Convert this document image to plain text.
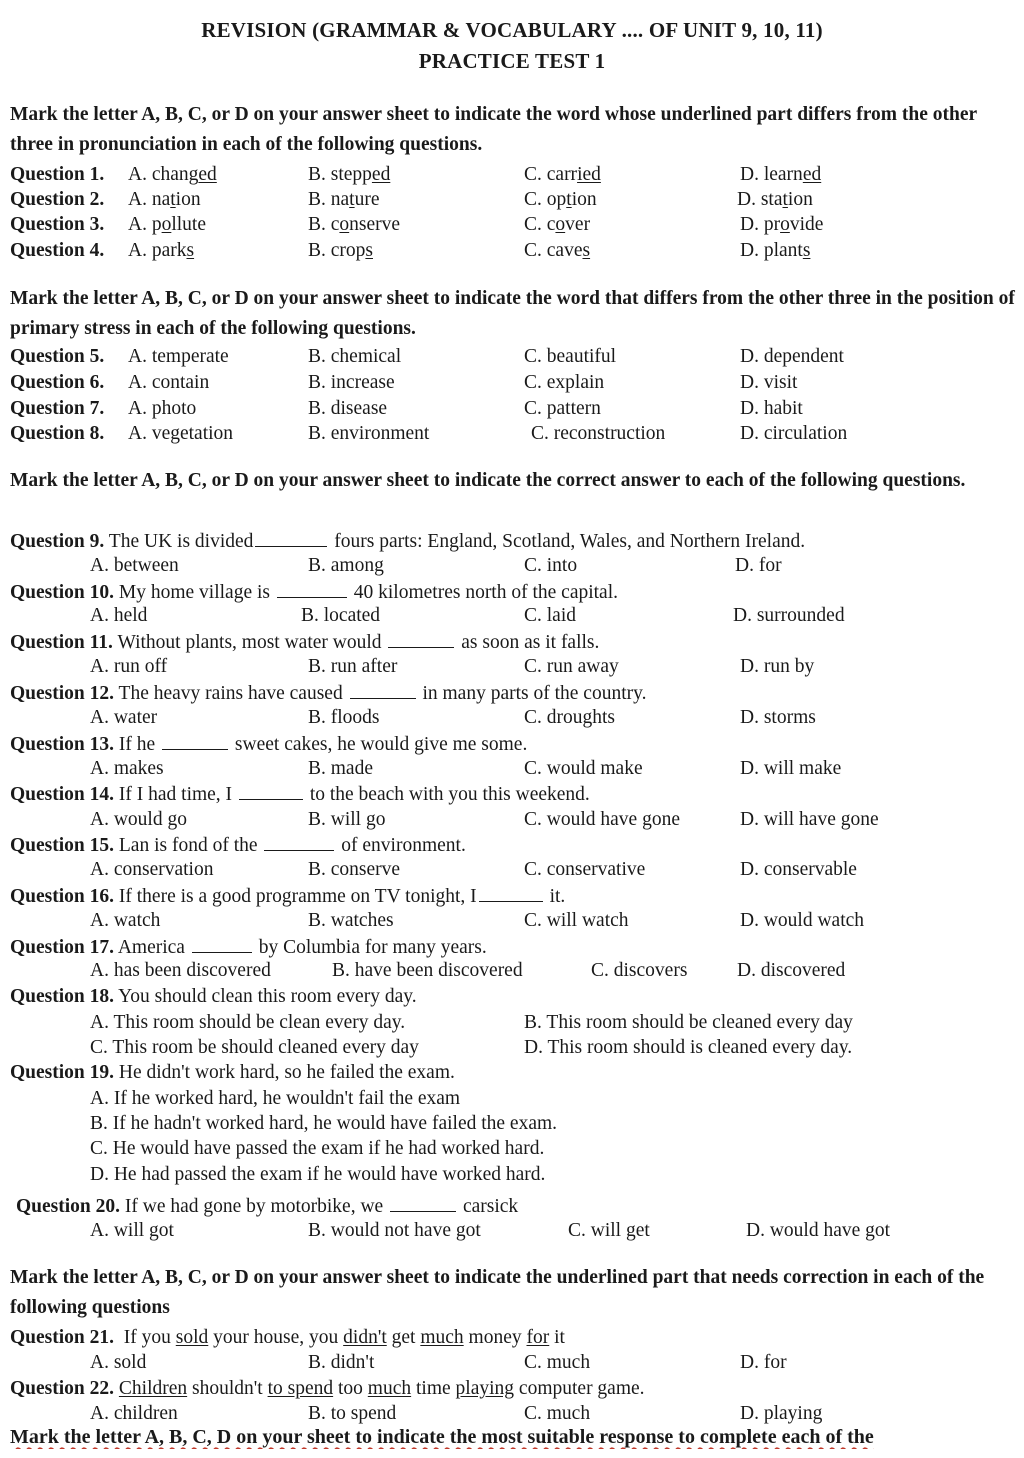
REVISION (GRAMMAR & VOCABULARY .... OF UNIT 9, 10, 11)
PRACTICE TEST 1
Mark the letter A, B, C, or D on your answer sheet to indicate the word whose underlined part differs from the other three in pronunciation in each of the following questions.
Question 1. A. changed	B. stepped	C. carried	D. learned
Question 2. A. nation	B. nature	C. option	D. station
Question 3. A. pollute	B. conserve	C. cover	D. provide
Question 4. A. parks	B. crops	C. caves	D. plants
Mark the letter A, B, C, or D on your answer sheet to indicate the word that differs from the other three in the position of primary stress in each of the following questions.
Question 5. A. temperate	B. chemical	C. beautiful	D. dependent
Question 6. A. contain	B. increase	C. explain	D. visit
Question 7. A. photo	B. disease	C. pattern	D. habit
Question 8. A. vegetation	B. environment	C. reconstruction	D. circulation
Mark the letter A, B, C, or D on your answer sheet to indicate the correct answer to each of the following questions.
Question 9. The UK is divided	fours parts: England, Scotland, Wales, and Northern Ireland.
A. between	B. among	C. into	D. for
Question 10. My home village is	40 kilometres north of the capital.
A. held	B. located	C. laid	D. surrounded
Question 11. Without plants, most water would	as soon as it falls.
A. run off	B. run after	C. run away	D. run by
Question 12. The heavy rains have caused	in many parts of the country.
A. water	B. floods	C. droughts	D. storms
Question 13. If he	sweet cakes, he would give me some.
A. makes	B. made	C. would make	D. will make
Question 14. If I had time, I	to the beach with you this weekend.
A. would go	B. will go	C. would have gone	D. will have gone
Question 15. Lan is fond of the	of environment.
A. conservation	B. conserve	C. conservative	D. conservable
Question 16. If there is a good programme on TV tonight, I	it.
A. watch	B. watches	C. will watch	D. would watch
Question 17. America	by Columbia for many years.
A. has been discovered	B. have been discovered	C. discovers	D. discovered
Question 18. You should clean this room every day.
A. This room should be clean every day.	B. This room should be cleaned every day
C. This room be should cleaned every day	D. This room should is cleaned every day.
Question 19. He didn't work hard, so he failed the exam.
A. If he worked hard, he wouldn't fail the exam
B. If he hadn't worked hard, he would have failed the exam.
C. He would have passed the exam if he had worked hard.
D. He had passed the exam if he would have worked hard.
Question 20. If we had gone by motorbike, we	carsick
A. will got	B. would not have got	C. will get	D. would have got
Mark the letter A, B, C, or D on your answer sheet to indicate the underlined part that needs correction in each of the following questions
Question 21. If you sold your house, you didn't get much money for it
A. sold	B. didn't	C. much	D. for
Question 22. Children shouldn't to spend too much time playing computer game.
A. children	B. to spend	C. much	D. playing
Mark the letter A, B, C, D on your sheet to indicate the most suitable response to complete each of the
